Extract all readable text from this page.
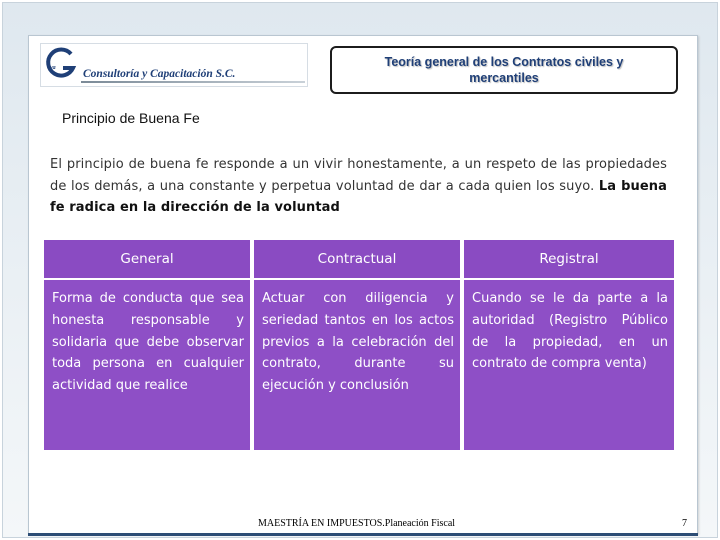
va Consultoría y Capacitación S.C.
Teoría general de los Contratos civiles y mercantiles
Principio de Buena Fe
El principio de buena fe responde a un vivir honestamente, a un respeto de las propiedades de los demás, a una constante y perpetua voluntad de dar a cada quien los suyo. La buena fe radica en la dirección de la voluntad
General
Forma de conducta que sea honesta responsable y solidaria que debe observar toda persona en cualquier actividad que realice
Contractual
Actuar con diligencia y seriedad tantos en los actos previos a la celebración del contrato, durante su ejecución y conclusión
Registral
Cuando se le da parte a la autoridad (Registro Público de la propiedad, en un contrato de compra venta)
MAESTRÍA EN IMPUESTOS.Planeación Fiscal	7
